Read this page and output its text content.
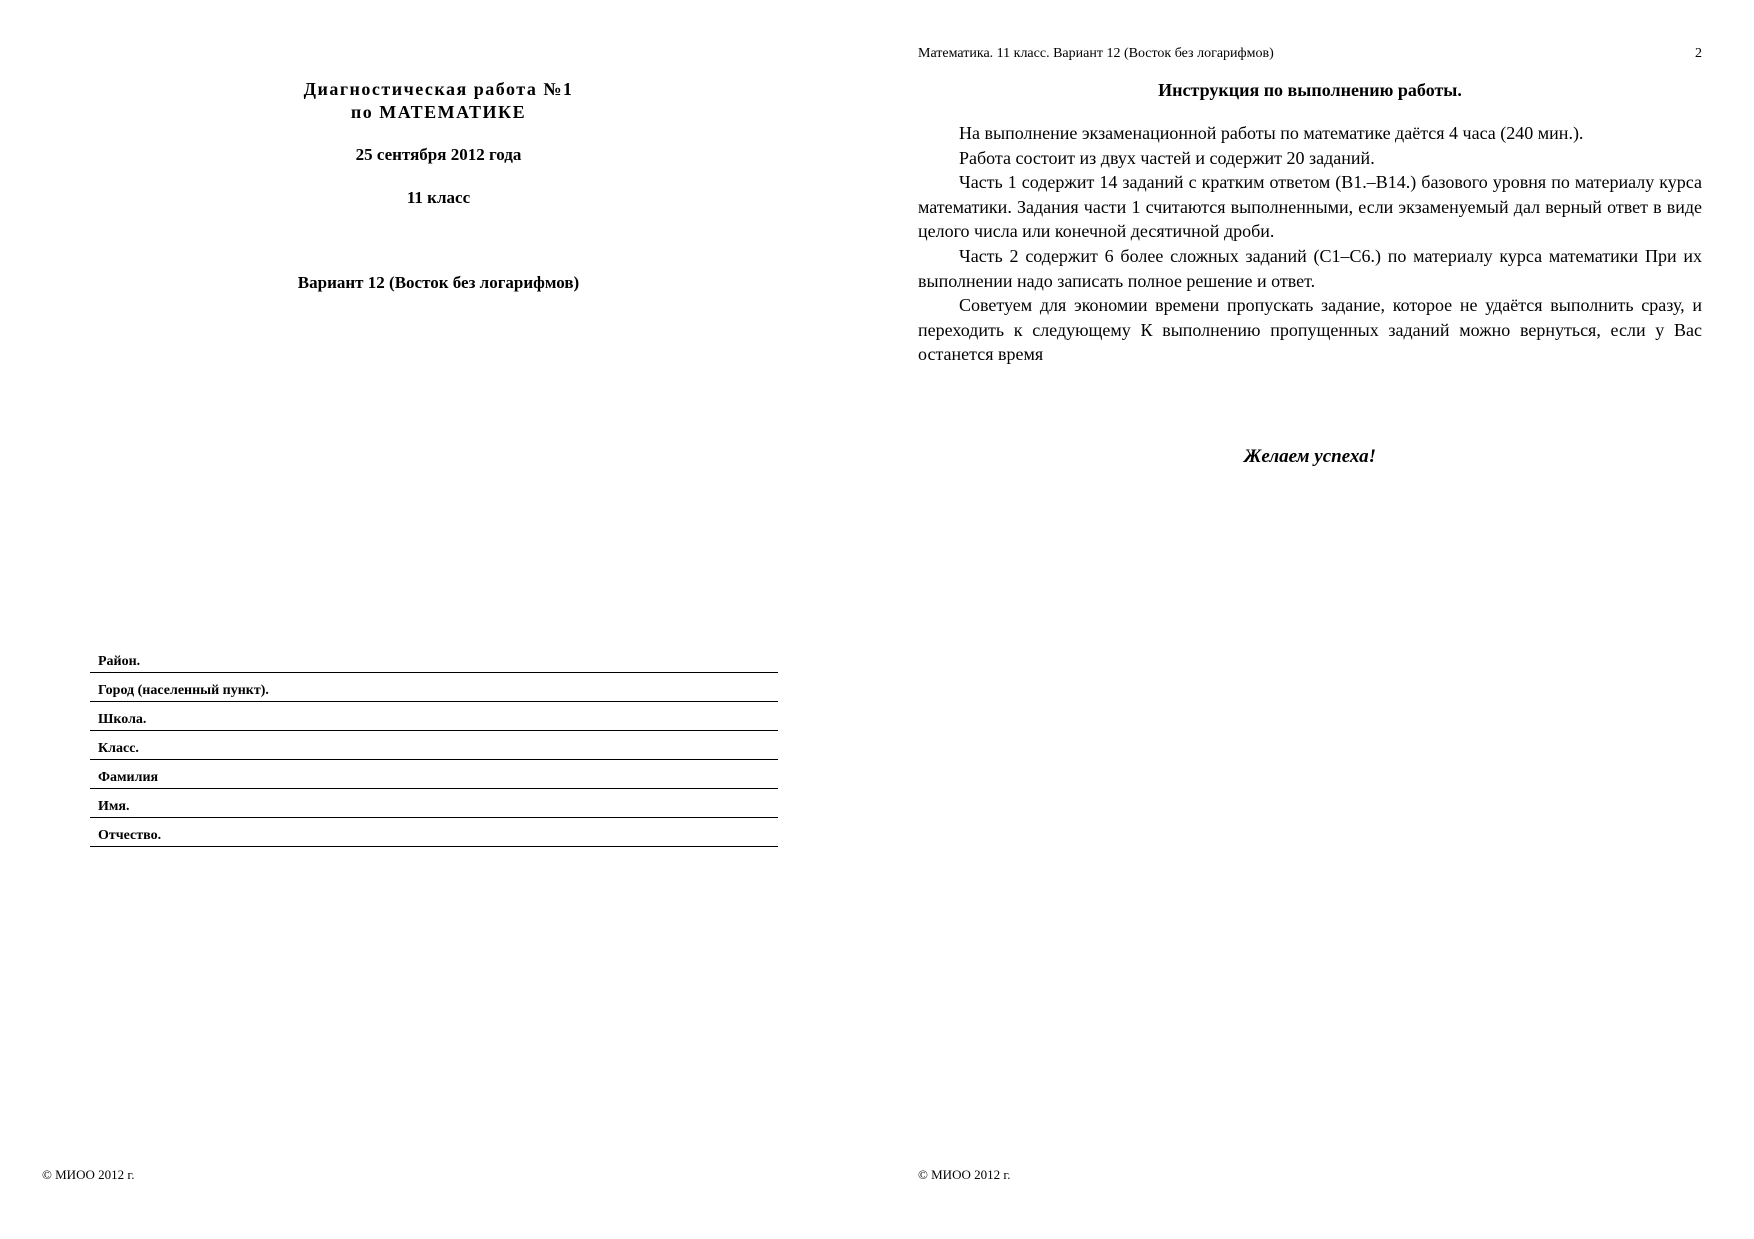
Диагностическая работа №1
по МАТЕМАТИКЕ
25 сентября 2012 года
11 класс
Вариант 12 (Восток без логарифмов)
Район.
Город (населенный пункт).
Школа.
Класс.
Фамилия
Имя.
Отчество.
© МИОО 2012 г.
Математика. 11 класс. Вариант 12 (Восток без логарифмов)	2
Инструкция по выполнению работы.

На выполнение экзаменационной работы по математике даётся 4 часа (240 мин.).

Работа состоит из двух частей и содержит 20 заданий.

Часть 1 содержит 14 заданий с кратким ответом (В1.–В14.) базового уровня по материалу курса математики. Задания части 1 считаются выполненными, если экзаменуемый дал верный ответ в виде целого числа или конечной десятичной дроби.

Часть 2 содержит 6 более сложных заданий (С1–С6.) по материалу курса математики При их выполнении надо записать полное решение и ответ.

Советуем для экономии времени пропускать задание, которое не удаётся выполнить сразу, и переходить к следующему К выполнению пропущенных заданий можно вернуться, если у Вас останется время

Желаем успеха!
© МИОО 2012 г.
